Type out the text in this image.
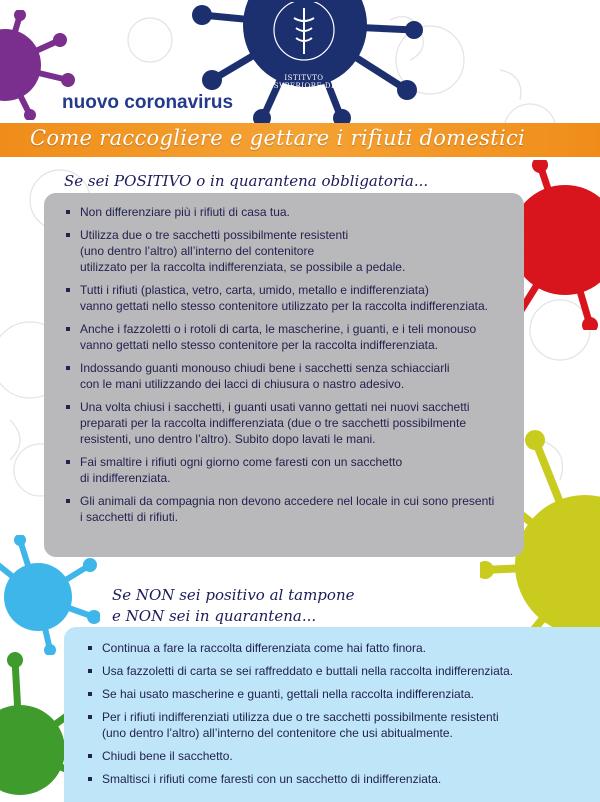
ISTITVTO SVPERIORE DI SANITA
nuovo coronavirus
Come raccogliere e gettare i rifiuti domestici
Se sei POSITIVO o in quarantena obbligatoria...
Non differenziare più i rifiuti di casa tua.
Utilizza due o tre sacchetti possibilmente resistenti
(uno dentro l’altro) all’interno del contenitore
utilizzato per la raccolta indifferenziata, se possibile a pedale.
Tutti i rifiuti (plastica, vetro, carta, umido, metallo e indifferenziata)
vanno gettati nello stesso contenitore utilizzato per la raccolta indifferenziata.
Anche i fazzoletti o i rotoli di carta, le mascherine, i guanti, e i teli monouso
vanno gettati nello stesso contenitore per la raccolta indifferenziata.
Indossando guanti monouso chiudi bene i sacchetti senza schiacciarli
con le mani utilizzando dei lacci di chiusura o nastro adesivo.
Una volta chiusi i sacchetti, i guanti usati vanno gettati nei nuovi sacchetti
preparati per la raccolta indifferenziata (due o tre sacchetti possibilmente
resistenti, uno dentro l’altro). Subito dopo lavati le mani.
Fai smaltire i rifiuti ogni giorno come faresti con un sacchetto
di indifferenziata.
Gli animali da compagnia non devono accedere nel locale in cui sono presenti
i sacchetti di rifiuti.
Se NON sei positivo al tampone
e NON sei in quarantena...
Continua a fare la raccolta differenziata come hai fatto finora.
Usa fazzoletti di carta se sei raffreddato e buttali nella raccolta indifferenziata.
Se hai usato mascherine e guanti, gettali nella raccolta indifferenziata.
Per i rifiuti indifferenziati utilizza due o tre sacchetti possibilmente resistenti
(uno dentro l’altro) all’interno del contenitore che usi abitualmente.
Chiudi bene il sacchetto.
Smaltisci i rifiuti come faresti con un sacchetto di indifferenziata.
